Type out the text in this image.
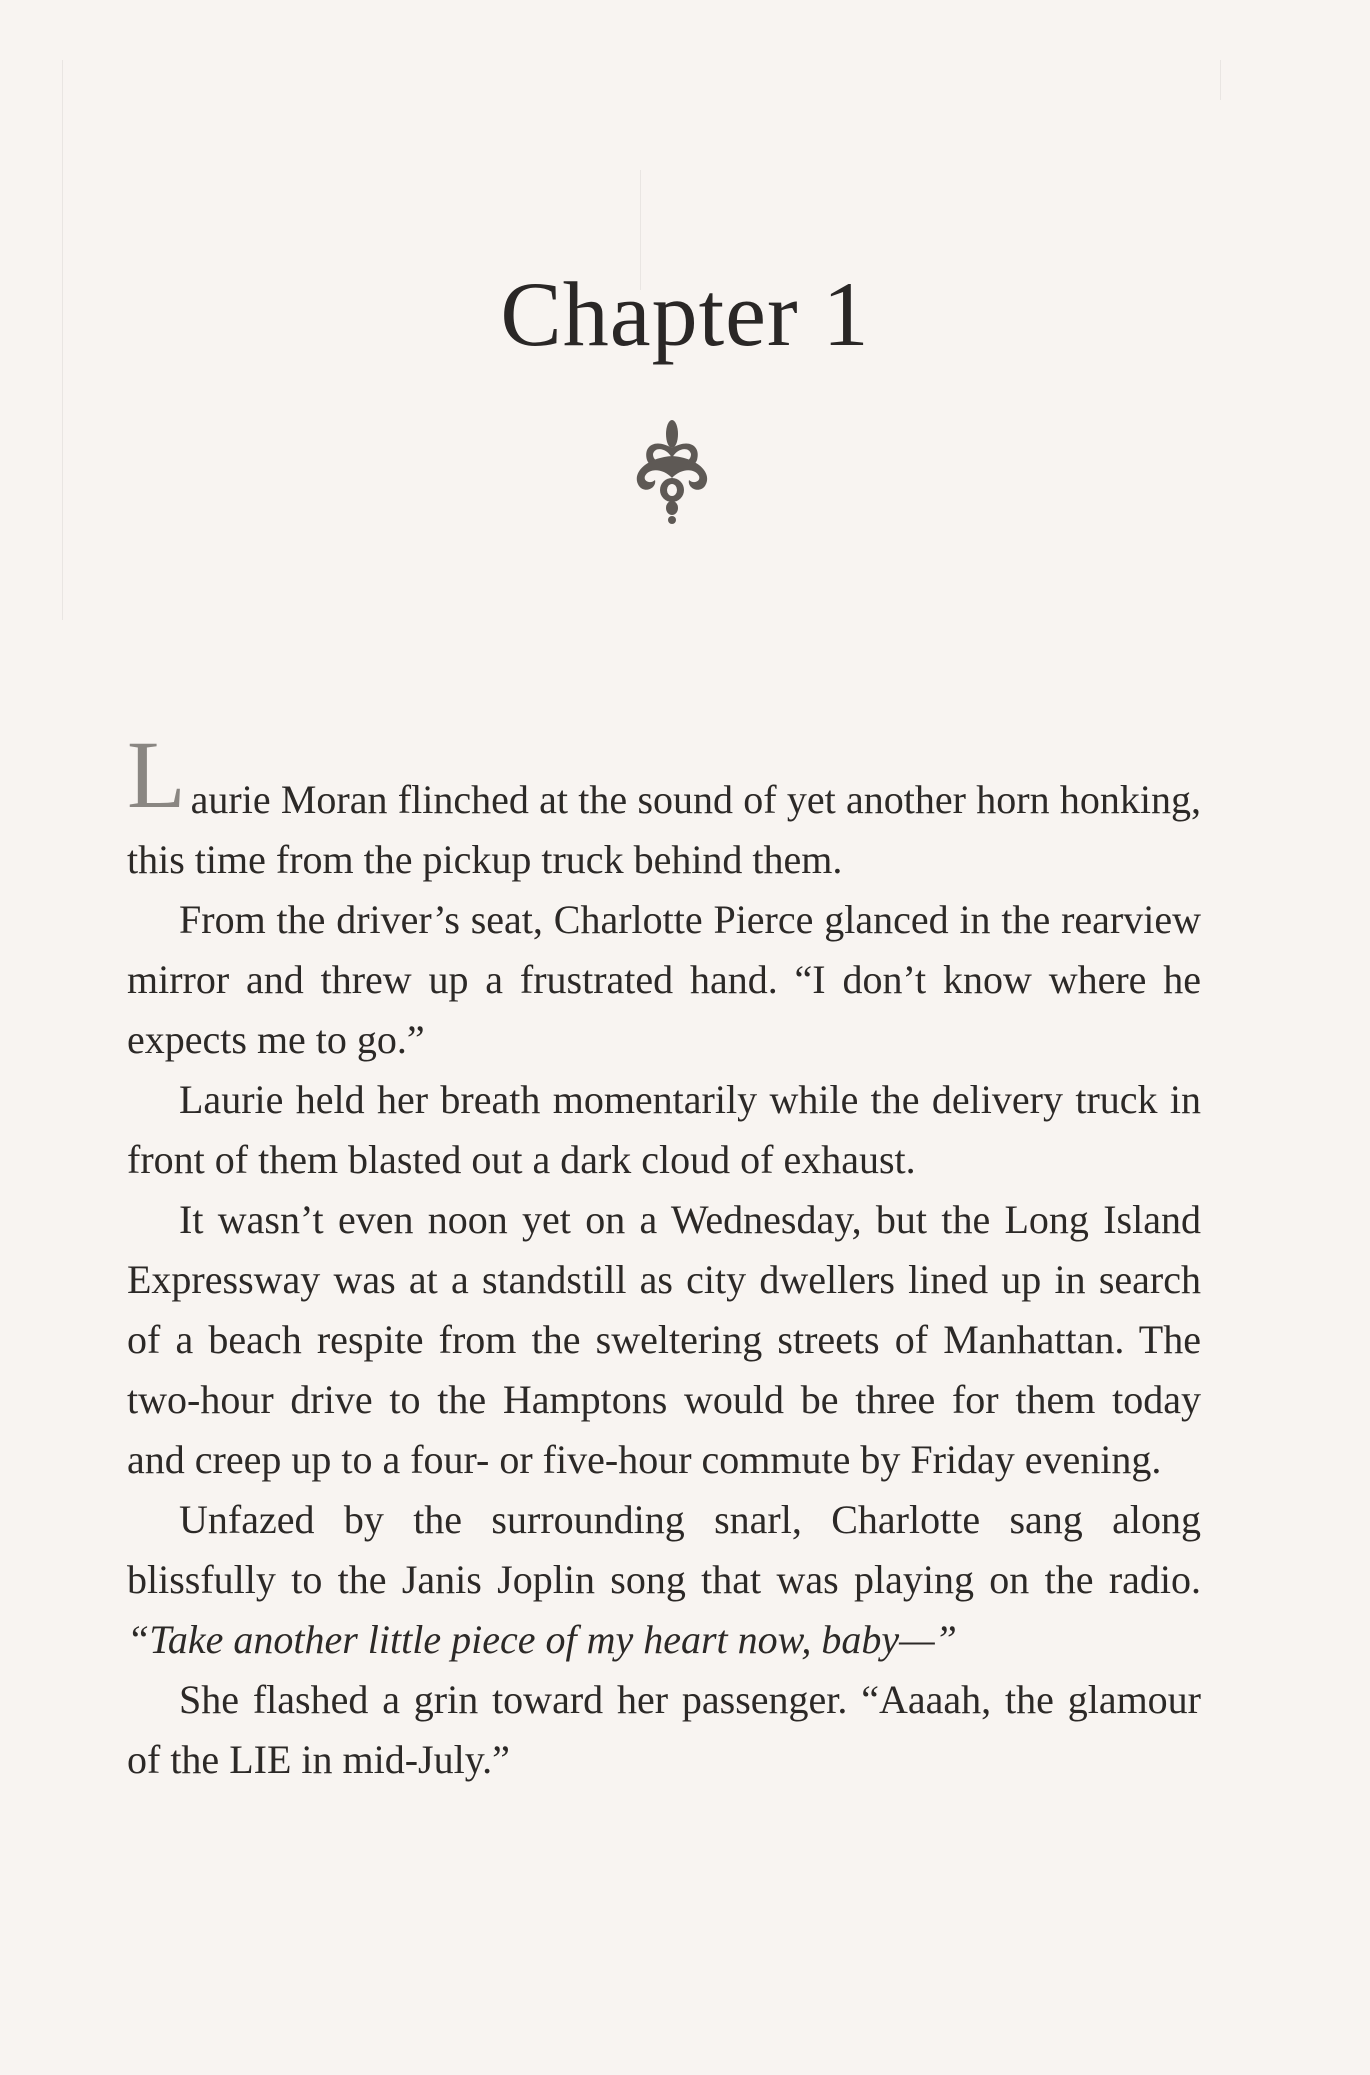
Chapter 1

Laurie Moran flinched at the sound of yet another horn honking, this time from the pickup truck behind them.

From the driver’s seat, Charlotte Pierce glanced in the rearview mirror and threw up a frustrated hand. “I don’t know where he expects me to go.”

Laurie held her breath momentarily while the delivery truck in front of them blasted out a dark cloud of exhaust.

It wasn’t even noon yet on a Wednesday, but the Long Island Expressway was at a standstill as city dwellers lined up in search of a beach respite from the sweltering streets of Manhattan. The two-hour drive to the Hamptons would be three for them today and creep up to a four- or five-hour commute by Friday evening.

Unfazed by the surrounding snarl, Charlotte sang along blissfully to the Janis Joplin song that was playing on the radio. “Take another little piece of my heart now, baby—”

She flashed a grin toward her passenger. “Aaaah, the glamour of the LIE in mid-July.”
